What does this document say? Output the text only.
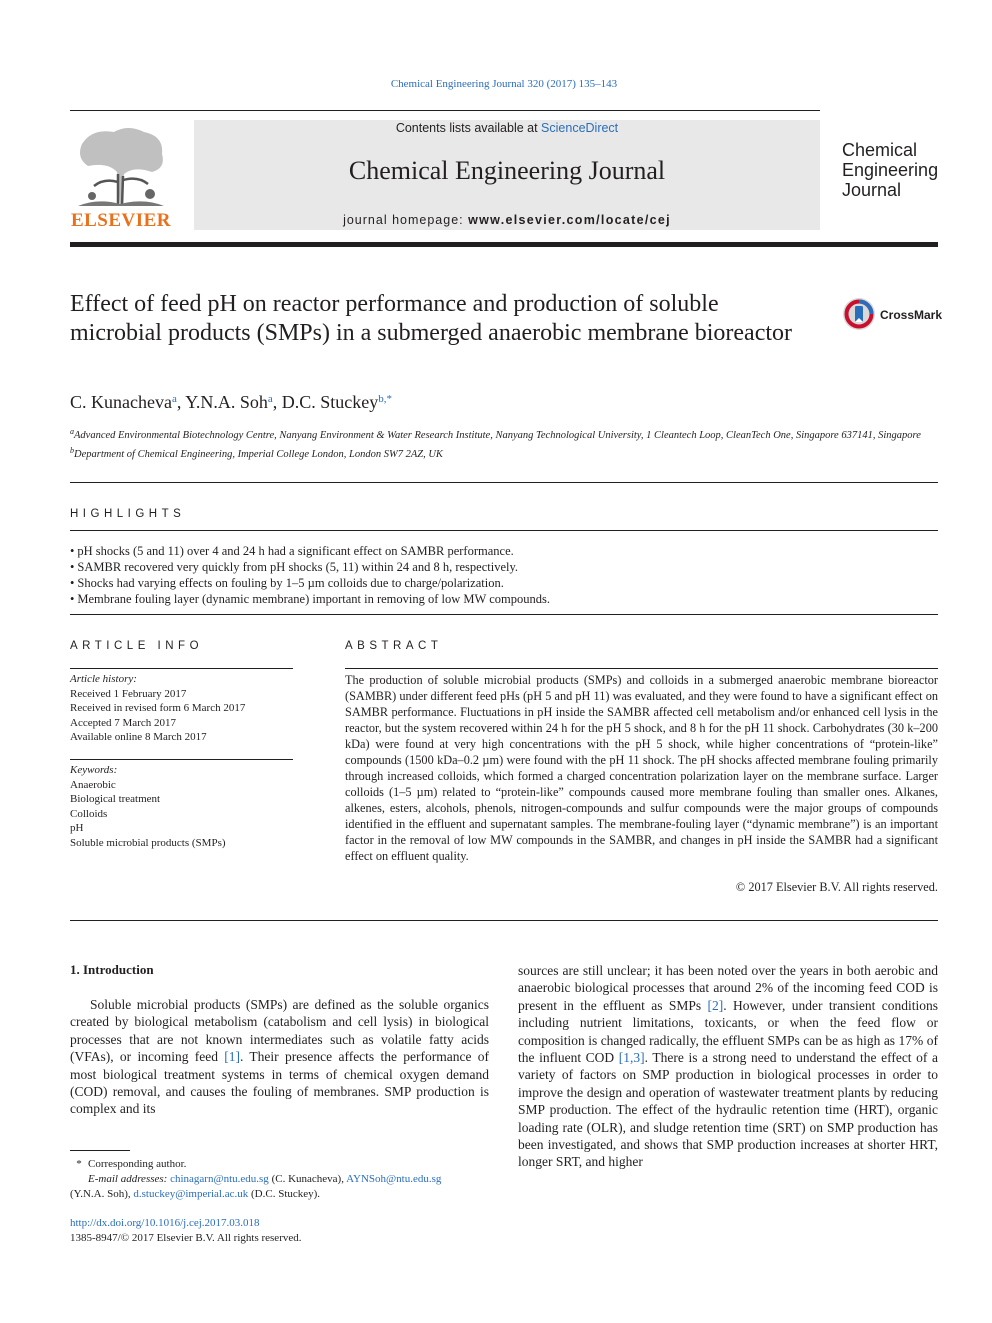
Chemical Engineering Journal 320 (2017) 135–143
ELSEVIER
Contents lists available at ScienceDirect
Chemical Engineering Journal
journal homepage: www.elsevier.com/locate/cej
Chemical
Engineering
Journal
Effect of feed pH on reactor performance and production of soluble microbial products (SMPs) in a submerged anaerobic membrane bioreactor
CrossMark
C. Kunacheva$^a$, Y.N.A. Soh$^a$, D.C. Stuckey$^{b,*}$
$^a$Advanced Environmental Biotechnology Centre, Nanyang Environment & Water Research Institute, Nanyang Technological University, 1 Cleantech Loop, CleanTech One, Singapore 637141, Singapore
$^b$Department of Chemical Engineering, Imperial College London, London SW7 2AZ, UK
HIGHLIGHTS
• pH shocks (5 and 11) over 4 and 24 h had a significant effect on SAMBR performance.
• SAMBR recovered very quickly from pH shocks (5, 11) within 24 and 8 h, respectively.
• Shocks had varying effects on fouling by 1–5 µm colloids due to charge/polarization.
• Membrane fouling layer (dynamic membrane) important in removing of low MW compounds.
ARTICLE INFO
Article history:
Received 1 February 2017
Received in revised form 6 March 2017
Accepted 7 March 2017
Available online 8 March 2017
Keywords:
Anaerobic
Biological treatment
Colloids
pH
Soluble microbial products (SMPs)
ABSTRACT

The production of soluble microbial products (SMPs) and colloids in a submerged anaerobic membrane bioreactor (SAMBR) under different feed pHs (pH 5 and pH 11) was evaluated, and they were found to have a significant effect on SAMBR performance. Fluctuations in pH inside the SAMBR affected cell metabolism and/or enhanced cell lysis in the reactor, but the system recovered within 24 h for the pH 5 shock, and 8 h for the pH 11 shock. Carbohydrates (30 k–200 kDa) were found at very high concentrations with the pH 5 shock, while higher concentrations of “protein-like” compounds (1500 kDa–0.2 µm) were found with the pH 11 shock. The pH shocks affected membrane fouling primarily through increased colloids, which formed a charged concentration polarization layer on the membrane surface. Larger colloids (1–5 µm) related to “protein-like” compounds caused more membrane fouling than smaller ones. Alkanes, alkenes, esters, alcohols, phenols, nitrogen-compounds and sulfur compounds were the major groups of compounds identified in the effluent and supernatant samples. The membrane-fouling layer (“dynamic membrane”) is an important factor in the removal of low MW compounds in the SAMBR, and changes in pH inside the SAMBR had a significant effect on effluent quality.

© 2017 Elsevier B.V. All rights reserved.
1. Introduction

Soluble microbial products (SMPs) are defined as the soluble organics created by biological metabolism (catabolism and cell lysis) in biological processes that are not known intermediates such as volatile fatty acids (VFAs), or incoming feed [1]. Their presence affects the performance of most biological treatment systems in terms of chemical oxygen demand (COD) removal, and causes the fouling of membranes. SMP production is complex and its

sources are still unclear; it has been noted over the years in both aerobic and anaerobic biological processes that around 2% of the incoming feed COD is present in the effluent as SMPs [2]. However, under transient conditions including nutrient limitations, toxicants, or when the feed flow or composition is changed radically, the effluent SMPs can be as high as 17% of the influent COD [1,3]. There is a strong need to understand the effect of a variety of factors on SMP production in biological processes in order to improve the design and operation of wastewater treatment plants by reducing SMP production. The effect of the hydraulic retention time (HRT), organic loading rate (OLR), and sludge retention time (SRT) on SMP production has been investigated, and shows that SMP production increases at shorter HRT, longer SRT, and higher

* Corresponding author.
E-mail addresses: chinagarn@ntu.edu.sg (C. Kunacheva), AYNSoh@ntu.edu.sg
(Y.N.A. Soh), d.stuckey@imperial.ac.uk (D.C. Stuckey).
http://dx.doi.org/10.1016/j.cej.2017.03.018
1385-8947/© 2017 Elsevier B.V. All rights reserved.
